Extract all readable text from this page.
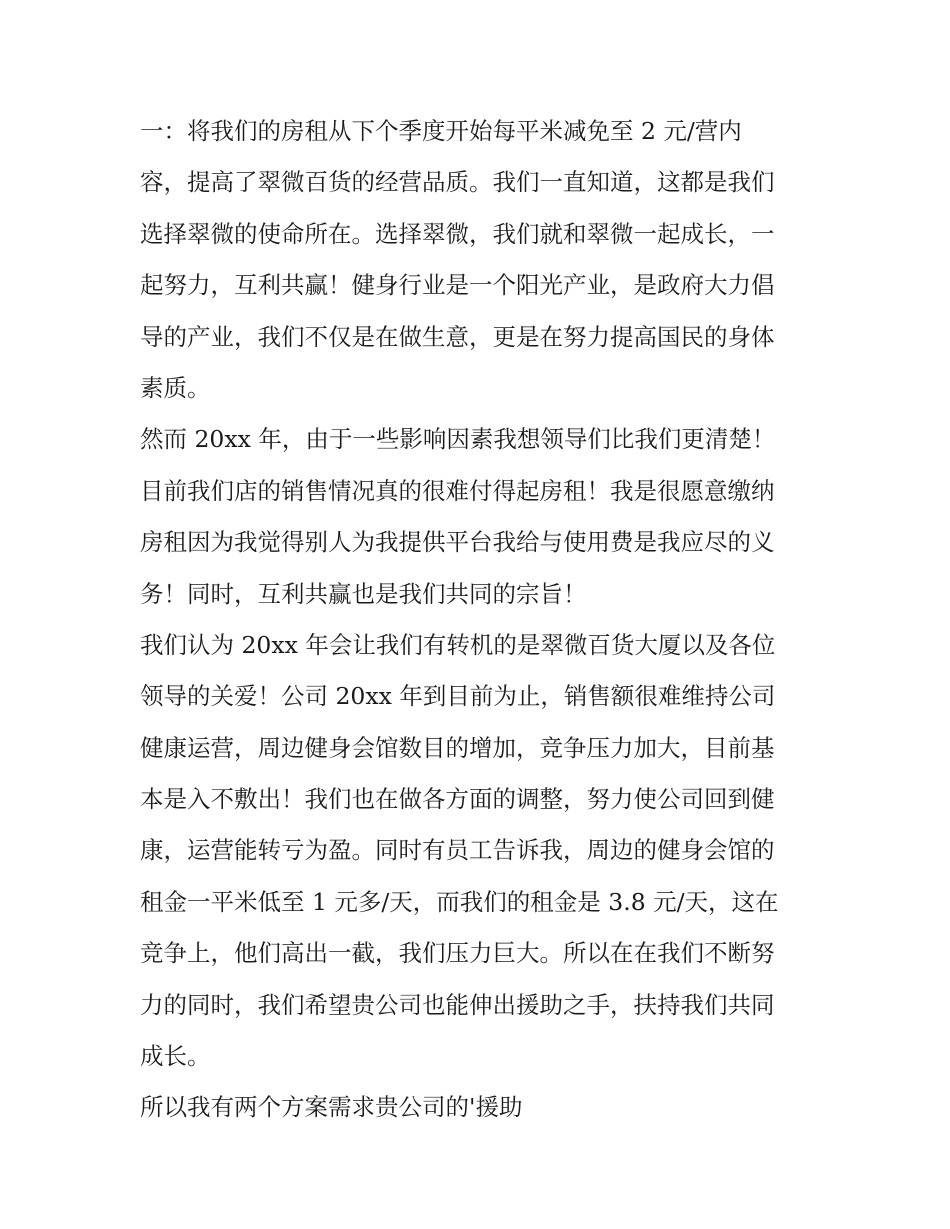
一：将我们的房租从下个季度开始每平米减免至 2 元/营内
容，提高了翠微百货的经营品质。我们一直知道，这都是我们
选择翠微的使命所在。选择翠微，我们就和翠微一起成长，一
起努力，互利共赢！健身行业是一个阳光产业，是政府大力倡
导的产业，我们不仅是在做生意，更是在努力提高国民的身体
素质。
然而 20xx 年，由于一些影响因素我想领导们比我们更清楚！
目前我们店的销售情况真的很难付得起房租！我是很愿意缴纳
房租因为我觉得别人为我提供平台我给与使用费是我应尽的义
务！同时，互利共赢也是我们共同的宗旨！
我们认为 20xx 年会让我们有转机的是翠微百货大厦以及各位
领导的关爱！公司 20xx 年到目前为止，销售额很难维持公司
健康运营，周边健身会馆数目的增加，竞争压力加大，目前基
本是入不敷出！我们也在做各方面的调整，努力使公司回到健
康，运营能转亏为盈。同时有员工告诉我，周边的健身会馆的
租金一平米低至 1 元多/天，而我们的租金是 3.8 元/天，这在
竞争上，他们高出一截，我们压力巨大。所以在在我们不断努
力的同时，我们希望贵公司也能伸出援助之手，扶持我们共同
成长。
所以我有两个方案需求贵公司的'援助
